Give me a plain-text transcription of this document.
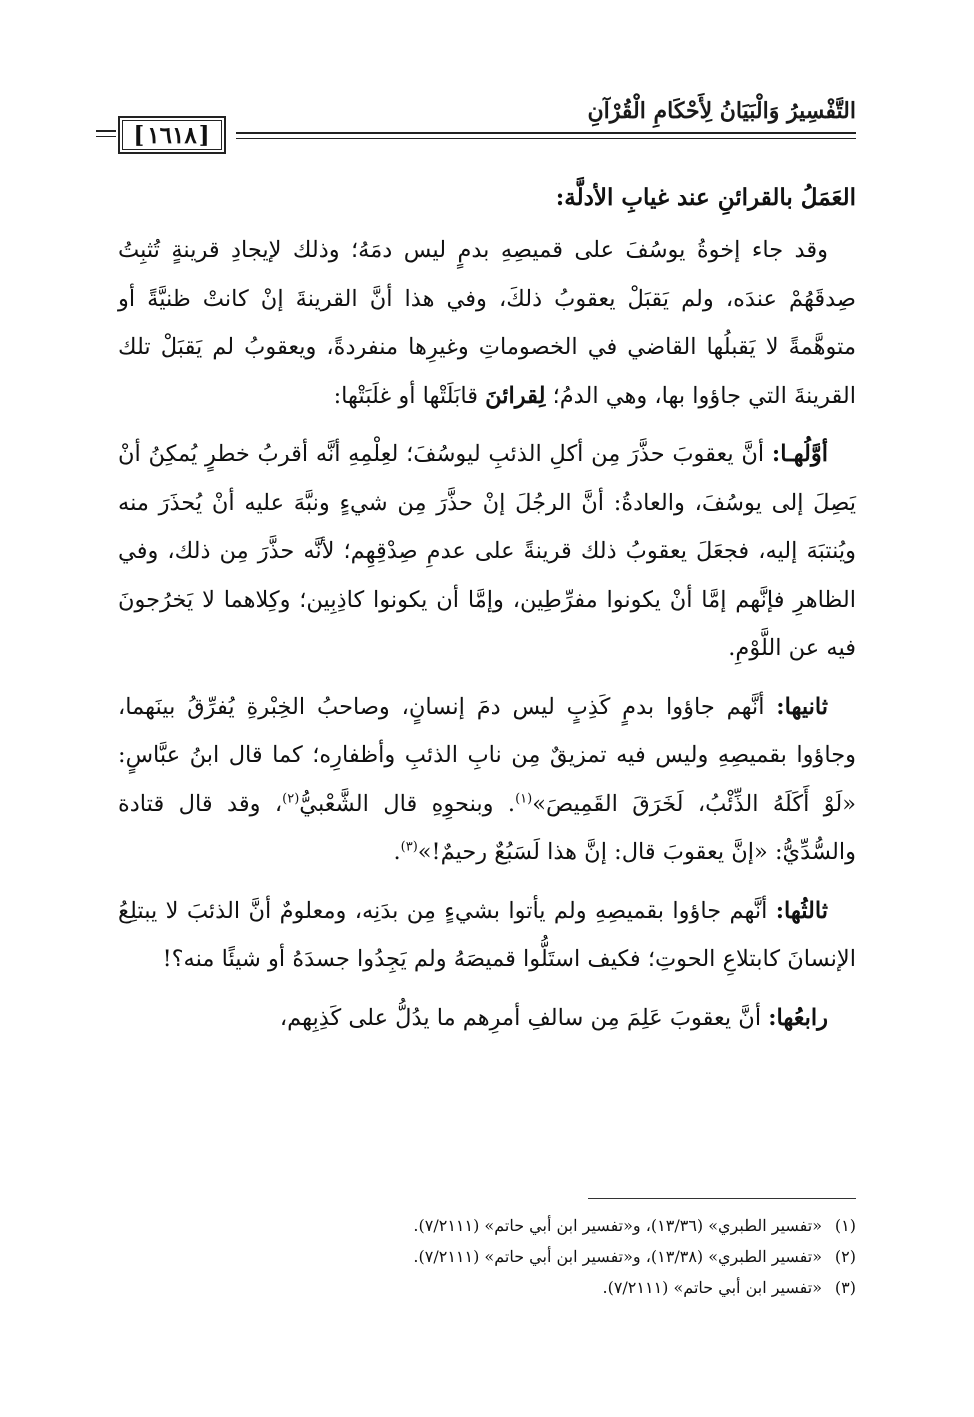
التَّفْسِيرُ وَالْبَيَانُ لِأَحْكَامِ الْقُرْآنِ
[ ١٦١٨ ]
العَمَلُ بالقرائنِ عند غيابِ الأدلَّة:

وقد جاء إخوةُ يوسُفَ على قميصِهِ بدمٍ ليس دمَهُ؛ وذلك لإيجادِ قرينةٍ تُثبِتُ صِدقَهُمْ عندَه، ولم يَقبَلْ يعقوبُ ذلكَ، وفي هذا أنَّ القرينةَ إنْ كانتْ ظنيَّةً أو متوهَّمةً لا يَقبلُها القاضي في الخصوماتِ وغيرِها منفردةً، ويعقوبُ لم يَقبَلْ تلك القرينةَ التي جاؤوا بها، وهي الدمُ؛ لِقرائنَ قابَلَتْها أو غلَبَتْها:

أوَّلُهـا: أنَّ يعقوبَ حذَّرَ مِن أكلِ الذئبِ ليوسُفَ؛ لعِلْمِهِ أنَّه أقربُ خطرٍ يُمكِنُ أنْ يَصِلَ إلى يوسُفَ، والعادةُ: أنَّ الرجُلَ إنْ حذَّرَ مِن شيءٍ ونبَّهَ عليه أنْ يُحذَرَ منه ويُنتبَهَ إليه، فجعَلَ يعقوبُ ذلك قرينةً على عدمِ صِدْقِهِم؛ لأنَّه حذَّرَ مِن ذلك، وفي الظاهرِ فإنَّهم إمَّا أنْ يكونوا مفرِّطِين، وإمَّا أن يكونوا كاذِبِين؛ وكِلاهما لا يَخرُجونَ فيه عن اللَّوْمِ.

ثانيها: أنَّهم جاؤوا بدمٍ كَذِبٍ ليس دمَ إنسانٍ، وصاحبُ الخِبْرةِ يُفرِّقُ بينَهما، وجاؤوا بقميصِهِ وليس فيه تمزيقٌ مِن نابِ الذئبِ وأظفارِه؛ كما قال ابنُ عبَّاسٍ: «لَوْ أَكَلَهُ الذِّئْبُ، لَخَرَقَ القَمِيصَ»$^{(١)}$. وبنحوِهِ قال الشَّعْبيُّ$^{(٢)}$، وقد قال قتادة والسُّدِّيُّ: «إنَّ يعقوبَ قال: إنَّ هذا لَسَبُعٌ رحيمٌ!»$^{(٣)}$.

ثالثُها: أنَّهم جاؤوا بقميصِهِ ولم يأتوا بشيءٍ مِن بدَنِه، ومعلومٌ أنَّ الذئبَ لا يبتلِعُ الإنسانَ كابتلاعِ الحوتِ؛ فكيف استَلُّوا قميصَهُ ولم يَجِدُوا جسدَهُ أو شيئًا منه؟!

رابعُها: أنَّ يعقوبَ عَلِمَ مِن سالفِ أمرِهم ما يدُلُّ على كَذِبِهم،

(١)«تفسير الطبري» (١٣/٣٦)، و«تفسير ابن أبي حاتم» (٧/٢١١١).
(٢)«تفسير الطبري» (١٣/٣٨)، و«تفسير ابن أبي حاتم» (٧/٢١١١).
(٣)«تفسير ابن أبي حاتم» (٧/٢١١١).
